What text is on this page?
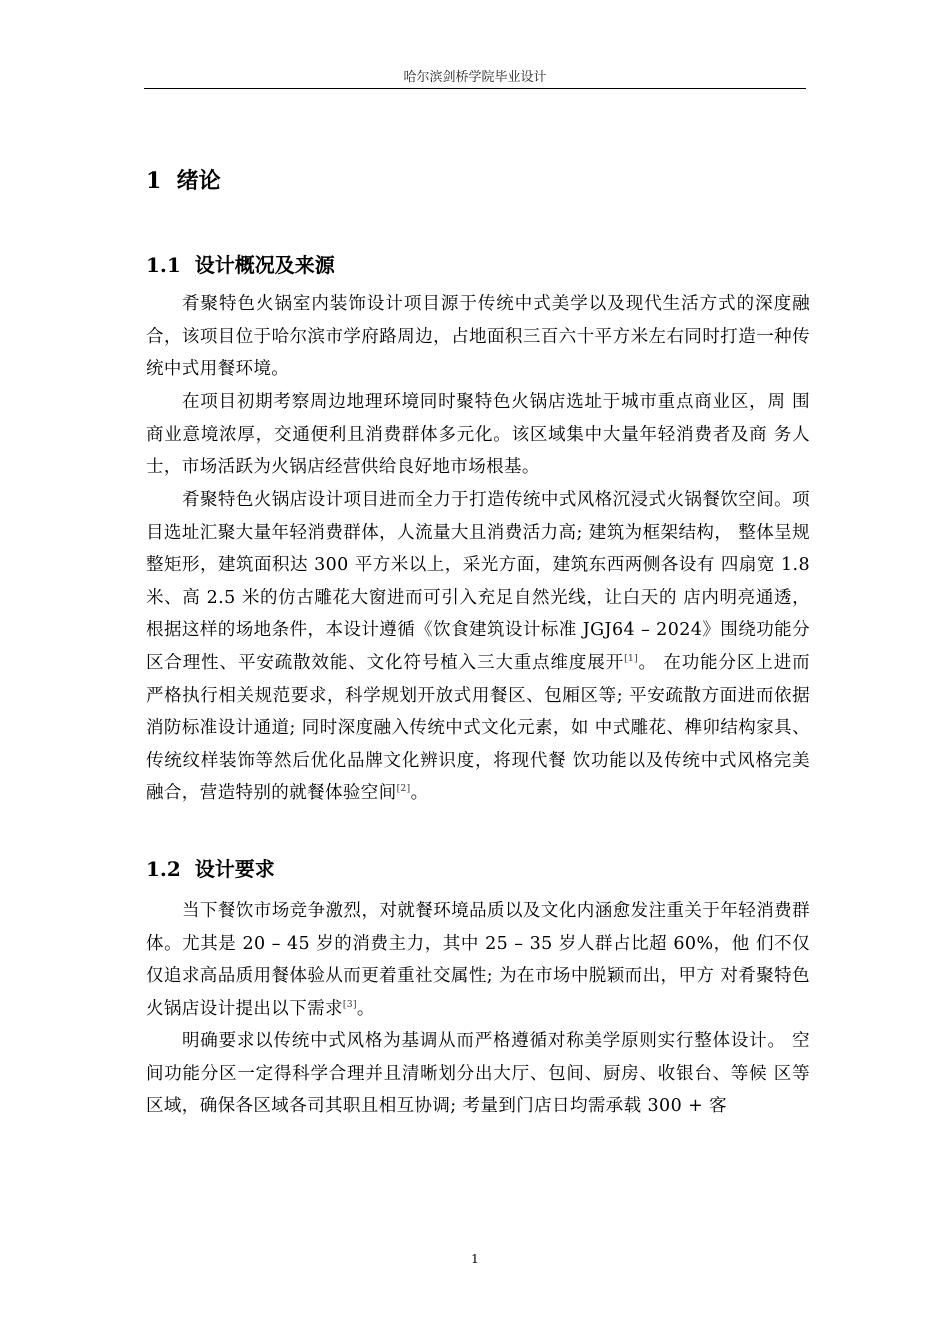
哈尔滨剑桥学院毕业设计
1 绪论
1.1 设计概况及来源

肴聚特色火锅室内装饰设计项目源于传统中式美学以及现代生活方式的深度融合，该项目位于哈尔滨市学府路周边，占地面积三百六十平方米左右同时打造一种传统中式用餐环境。

在项目初期考察周边地理环境同时聚特色火锅店选址于城市重点商业区，周 围商业意境浓厚，交通便利且消费群体多元化。该区域集中大量年轻消费者及商 务人士，市场活跃为火锅店经营供给良好地市场根基。

肴聚特色火锅店设计项目进而全力于打造传统中式风格沉浸式火锅餐饮空间。项目选址汇聚大量年轻消费群体，人流量大且消费活力高; 建筑为框架结构， 整体呈规整矩形，建筑面积达 300 平方米以上，采光方面，建筑东西两侧各设有 四扇宽 1.8 米、高 2.5 米的仿古雕花大窗进而可引入充足自然光线，让白天的 店内明亮通透，根据这样的场地条件，本设计遵循《饮食建筑设计标准 JGJ64 – 2024》围绕功能分区合理性、平安疏散效能、文化符号植入三大重点维度展开[1]。 在功能分区上进而严格执行相关规范要求，科学规划开放式用餐区、包厢区等; 平安疏散方面进而依据消防标准设计通道; 同时深度融入传统中式文化元素，如 中式雕花、榫卯结构家具、传统纹样装饰等然后优化品牌文化辨识度，将现代餐 饮功能以及传统中式风格完美融合，营造特别的就餐体验空间[2]。

1.2 设计要求

当下餐饮市场竞争激烈，对就餐环境品质以及文化内涵愈发注重关于年轻消费群体。尤其是 20 – 45 岁的消费主力，其中 25 – 35 岁人群占比超 60%，他 们不仅仅追求高品质用餐体验从而更着重社交属性; 为在市场中脱颖而出，甲方 对肴聚特色火锅店设计提出以下需求[3]。

明确要求以传统中式风格为基调从而严格遵循对称美学原则实行整体设计。 空间功能分区一定得科学合理并且清晰划分出大厅、包间、厨房、收银台、等候 区等区域，确保各区域各司其职且相互协调; 考量到门店日均需承载 300 + 客

1
